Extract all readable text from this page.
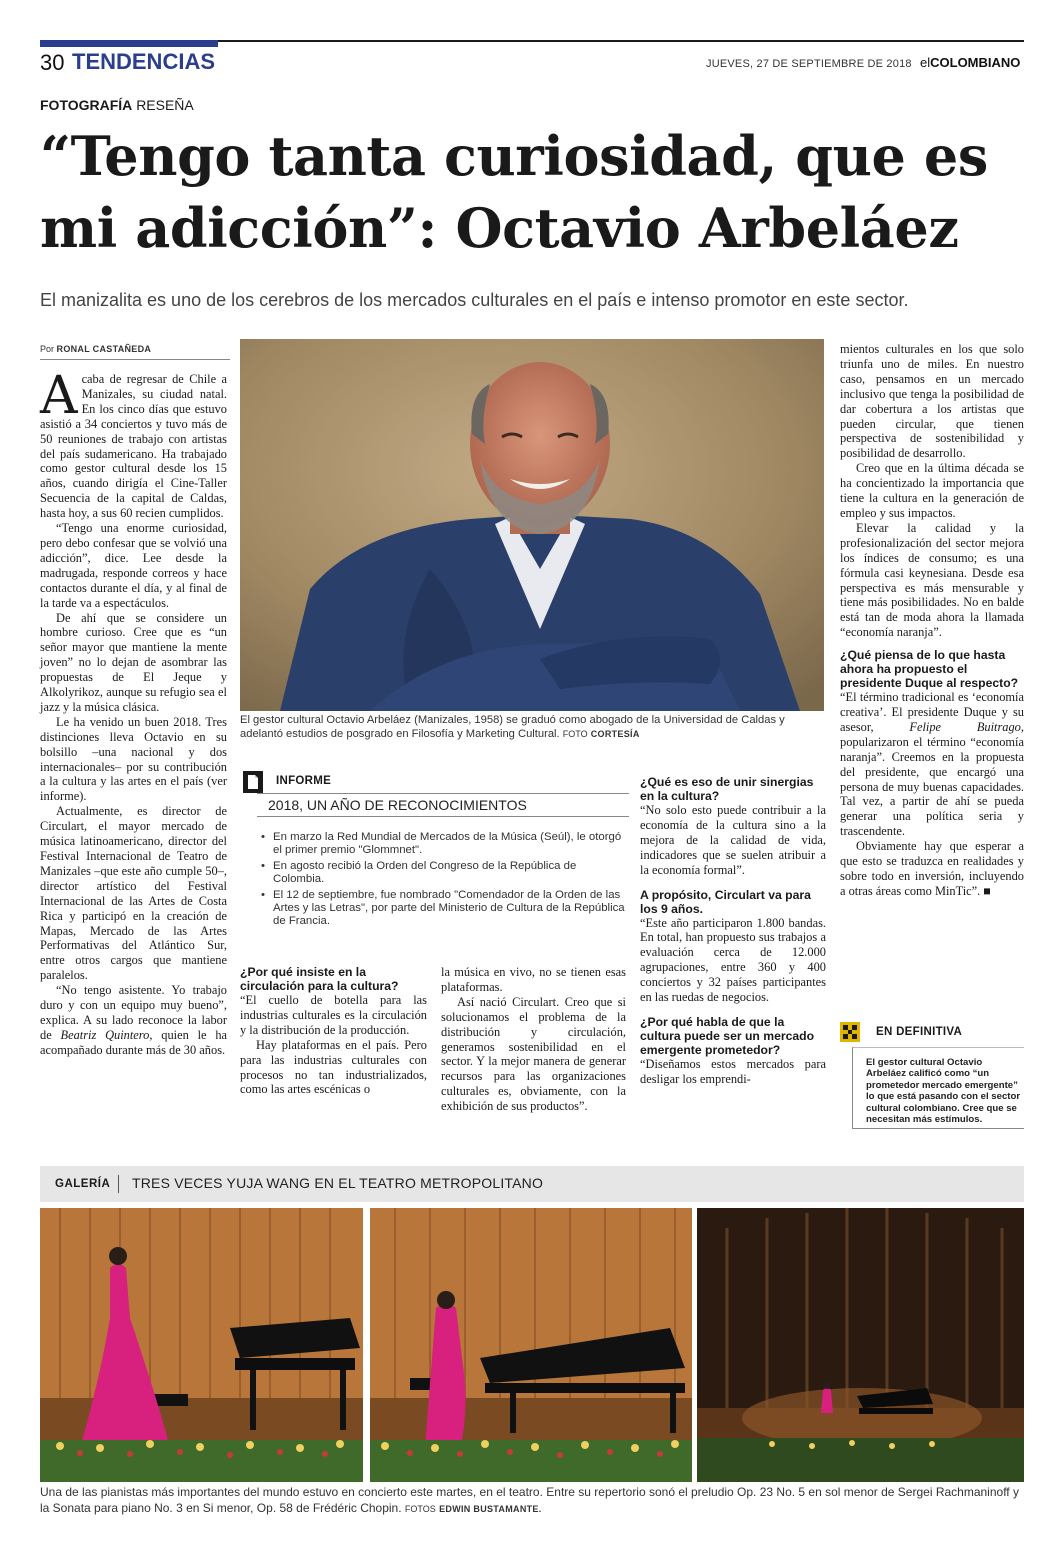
30 TENDENCIAS	JUEVES, 27 DE SEPTIEMBRE DE 2018 elCOLOMBIANO
FOTOGRAFÍA RESEÑA
“Tengo tanta curiosidad, que es mi adicción”: Octavio Arbeláez
El manizalita es uno de los cerebros de los mercados culturales en el país e intenso promotor en este sector.
Por RONAL CASTAÑEDA

Acaba de regresar de Chile a Manizales, su ciudad natal. En los cinco días que estuvo asistió a 34 conciertos y tuvo más de 50 reuniones de trabajo con artistas del país sudamericano. Ha trabajado como gestor cultural desde los 15 años, cuando dirigía el Cine-Taller Secuencia de la capital de Caldas, hasta hoy, a sus 60 recien cumplidos.

“Tengo una enorme curiosidad, pero debo confesar que se volvió una adicción”, dice. Lee desde la madrugada, responde correos y hace contactos durante el día, y al final de la tarde va a espectáculos.

De ahí que se considere un hombre curioso. Cree que es “un señor mayor que mantiene la mente joven” no lo dejan de asombrar las propuestas de El Jeque y Alkolyrikoz, aunque su refugio sea el jazz y la música clásica.

Le ha venido un buen 2018. Tres distinciones lleva Octavio en su bolsillo –una nacional y dos internacionales– por su contribución a la cultura y las artes en el país (ver informe).

Actualmente, es director de Circulart, el mayor mercado de música latinoamericano, director del Festival Internacional de Teatro de Manizales –que este año cumple 50–, director artístico del Festival Internacional de las Artes de Costa Rica y participó en la creación de Mapas, Mercado de las Artes Performativas del Atlántico Sur, entre otros cargos que mantiene paralelos.

“No tengo asistente. Yo trabajo duro y con un equipo muy bueno”, explica. A su lado reconoce la labor de Beatriz Quintero, quien le ha acompañado durante más de 30 años.

El gestor cultural Octavio Arbeláez (Manizales, 1958) se graduó como abogado de la Universidad de Caldas y adelantó estudios de posgrado en Filosofía y Marketing Cultural. FOTO CORTESÍA
INFORME
2018, UN AÑO DE RECONOCIMIENTOS
• En marzo la Red Mundial de Mercados de la Música (Seúl), le otorgó el primer premio "Glommnet".
• En agosto recibió la Orden del Congreso de la República de Colombia.
• El 12 de septiembre, fue nombrado "Comendador de la Orden de las Artes y las Letras", por parte del Ministerio de Cultura de la República de Francia.
¿Por qué insiste en la circulación para la cultura?

“El cuello de botella para las industrias culturales es la circulación y la distribución de la producción.

Hay plataformas en el país. Pero para las industrias culturales con procesos no tan industrializados, como las artes escénicas o

la música en vivo, no se tienen esas plataformas.

Así nació Circulart. Creo que si solucionamos el problema de la distribución y circulación, generamos sostenibilidad en el sector. Y la mejor manera de generar recursos para las organizaciones culturales es, obviamente, con la exhibición de sus productos”.

¿Qué es eso de unir sinergias en la cultura?

“No solo esto puede contribuir a la economía de la cultura sino a la mejora de la calidad de vida, indicadores que se suelen atribuir a la economía formal”.

A propósito, Circulart va para los 9 años.

“Este año participaron 1.800 bandas. En total, han propuesto sus trabajos a evaluación cerca de 12.000 agrupaciones, entre 360 y 400 conciertos y 32 países participantes en las ruedas de negocios.

¿Por qué habla de que la cultura puede ser un mercado emergente prometedor?

“Diseñamos estos mercados para desligar los emprendi-

mientos culturales en los que solo triunfa uno de miles. En nuestro caso, pensamos en un mercado inclusivo que tenga la posibilidad de dar cobertura a los artistas que pueden circular, que tienen perspectiva de sostenibilidad y posibilidad de desarrollo.

Creo que en la última década se ha concientizado la importancia que tiene la cultura en la generación de empleo y sus impactos.

Elevar la calidad y la profesionalización del sector mejora los índices de consumo; es una fórmula casi keynesiana. Desde esa perspectiva es más mensurable y tiene más posibilidades. No en balde está tan de moda ahora la llamada “economía naranja”.

¿Qué piensa de lo que hasta ahora ha propuesto el presidente Duque al respecto?

“El término tradicional es ‘economía creativa’. El presidente Duque y su asesor, Felipe Buitrago, popularizaron el término “economía naranja”. Creemos en la propuesta del presidente, que encargó una persona de muy buenas capacidades. Tal vez, a partir de ahí se pueda generar una política seria y trascendente.

Obviamente hay que esperar a que esto se traduzca en realidades y sobre todo en inversión, incluyendo a otras áreas como MinTic”. ■

EN DEFINITIVA
El gestor cultural Octavio Arbeláez calificó como “un prometedor mercado emergente” lo que está pasando con el sector cultural colombiano. Cree que se necesitan más estímulos.
GALERÍA TRES VECES YUJA WANG EN EL TEATRO METROPOLITANO
Una de las pianistas más importantes del mundo estuvo en concierto este martes, en el teatro. Entre su repertorio sonó el preludio Op. 23 No. 5 en sol menor de Sergei Rachmaninoff y la Sonata para piano No. 3 en Si menor, Op. 58 de Frédéric Chopin. FOTOS EDWIN BUSTAMANTE.
